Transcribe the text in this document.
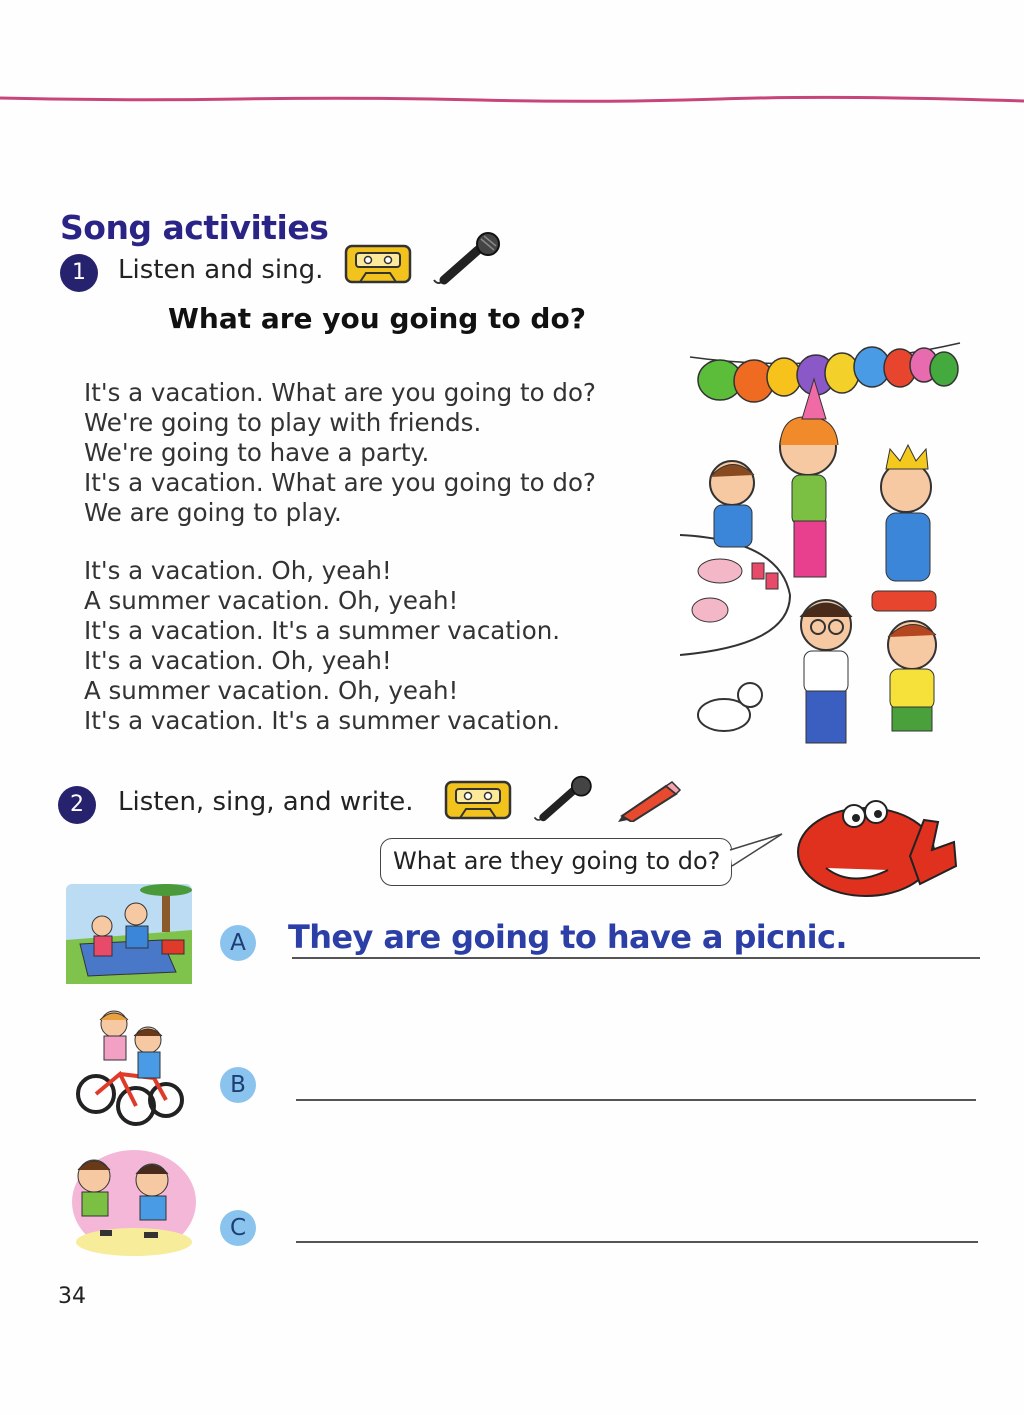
Song activities
1	Listen and sing.
What are you going to do?
It's a vacation. What are you going to do?
We're going to play with friends.
We're going to have a party.
It's a vacation. What are you going to do?
We are going to play.
It's a vacation. Oh, yeah!
A summer vacation. Oh, yeah!
It's a vacation. It's a summer vacation.
It's a vacation. Oh, yeah!
A summer vacation. Oh, yeah!
It's a vacation. It's a summer vacation.
2	Listen, sing, and write.
What are they going to do?
A	They are going to have a picnic.
B
C
34
